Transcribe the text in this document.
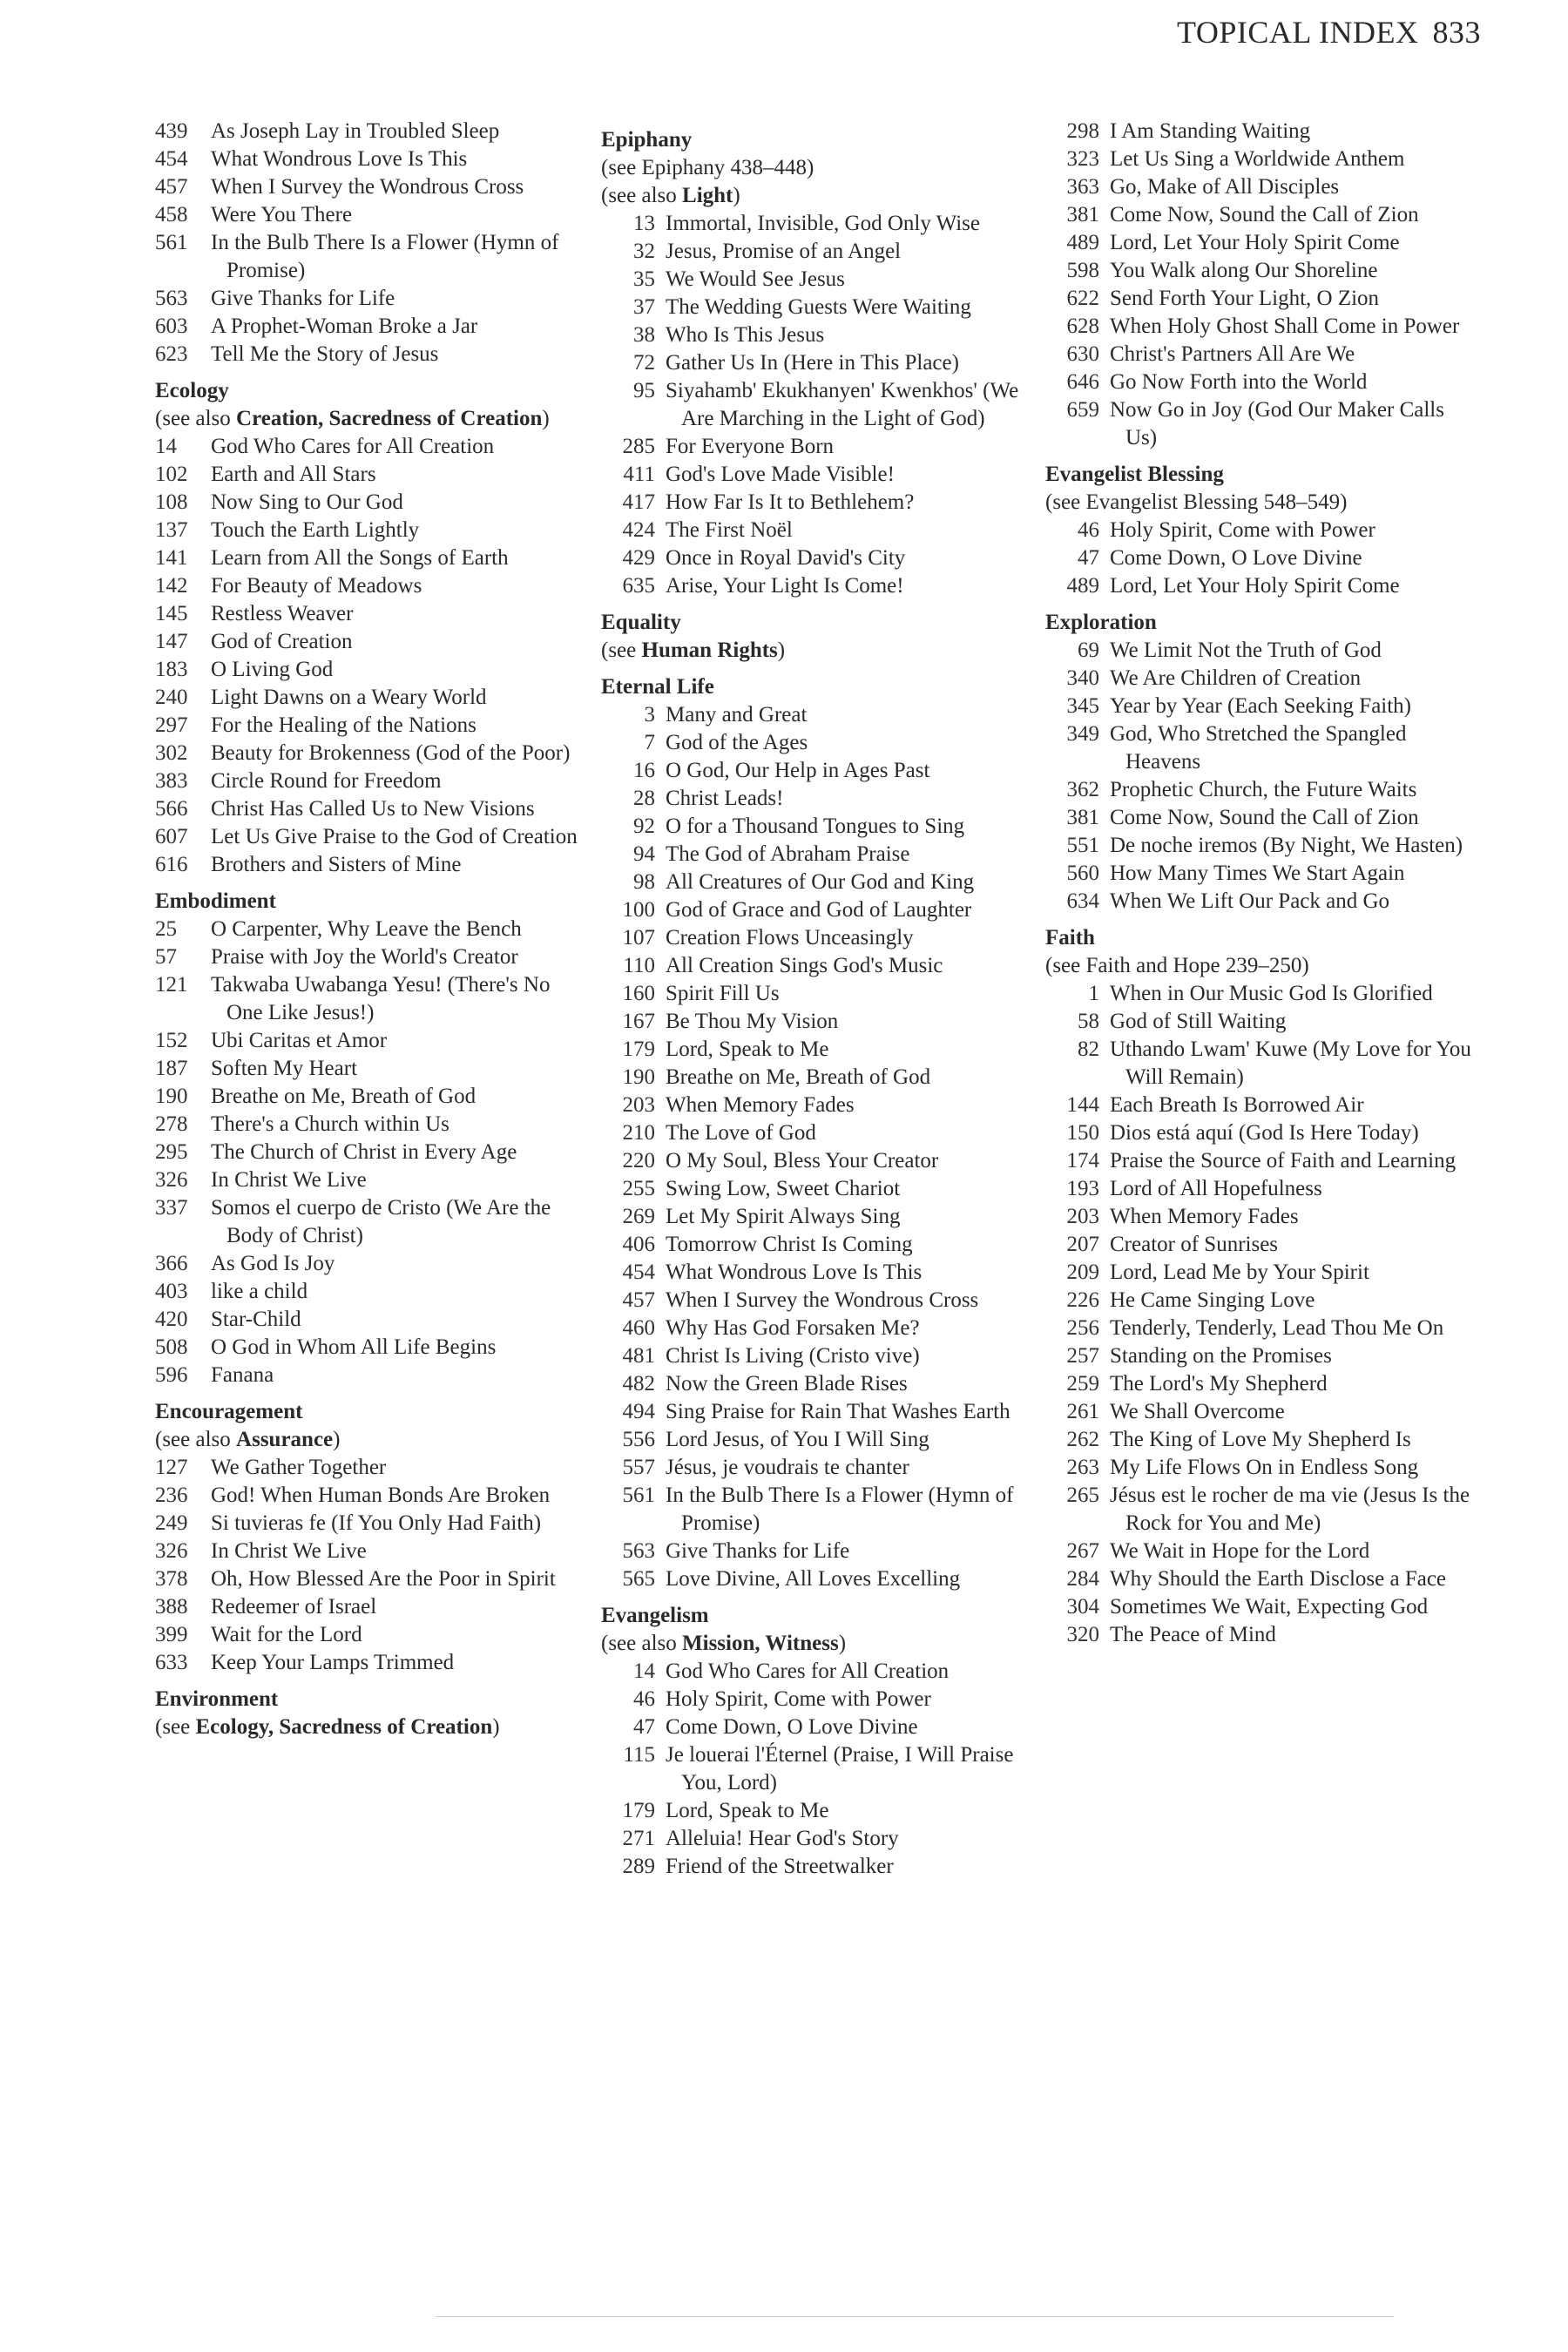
TOPICAL INDEX 833
439	As Joseph Lay in Troubled Sleep
454	What Wondrous Love Is This
457	When I Survey the Wondrous Cross
458	Were You There
561	In the Bulb There Is a Flower (Hymn of Promise)
563	Give Thanks for Life
603	A Prophet-Woman Broke a Jar
623	Tell Me the Story of Jesus
Ecology
(see also Creation, Sacredness of Creation)
14	God Who Cares for All Creation
102	Earth and All Stars
108	Now Sing to Our God
137	Touch the Earth Lightly
141	Learn from All the Songs of Earth
142	For Beauty of Meadows
145	Restless Weaver
147	God of Creation
183	O Living God
240	Light Dawns on a Weary World
297	For the Healing of the Nations
302	Beauty for Brokenness (God of the Poor)
383	Circle Round for Freedom
566	Christ Has Called Us to New Visions
607	Let Us Give Praise to the God of Creation
616	Brothers and Sisters of Mine
Embodiment
25	O Carpenter, Why Leave the Bench
57	Praise with Joy the World's Creator
121	Takwaba Uwabanga Yesu! (There's No One Like Jesus!)
152	Ubi Caritas et Amor
187	Soften My Heart
190	Breathe on Me, Breath of God
278	There's a Church within Us
295	The Church of Christ in Every Age
326	In Christ We Live
337	Somos el cuerpo de Cristo (We Are the Body of Christ)
366	As God Is Joy
403	like a child
420	Star-Child
508	O God in Whom All Life Begins
596	Fanana
Encouragement
(see also Assurance)
127	We Gather Together
236	God! When Human Bonds Are Broken
249	Si tuvieras fe (If You Only Had Faith)
326	In Christ We Live
378	Oh, How Blessed Are the Poor in Spirit
388	Redeemer of Israel
399	Wait for the Lord
633	Keep Your Lamps Trimmed
Environment
(see Ecology, Sacredness of Creation)
Epiphany
(see Epiphany 438–448)
(see also Light)
13 Immortal, Invisible, God Only Wise
32 Jesus, Promise of an Angel
35 We Would See Jesus
37 The Wedding Guests Were Waiting
38 Who Is This Jesus
72 Gather Us In (Here in This Place)
95 Siyahamb' Ekukhanyen' Kwenkhos' (We Are Marching in the Light of God)
285 For Everyone Born
411 God's Love Made Visible!
417 How Far Is It to Bethlehem?
424 The First Noël
429 Once in Royal David's City
635 Arise, Your Light Is Come!
Equality
(see Human Rights)
Eternal Life
3 Many and Great
7 God of the Ages
16 O God, Our Help in Ages Past
28 Christ Leads!
92 O for a Thousand Tongues to Sing
94 The God of Abraham Praise
98 All Creatures of Our God and King
100 God of Grace and God of Laughter
107 Creation Flows Unceasingly
110 All Creation Sings God's Music
160 Spirit Fill Us
167 Be Thou My Vision
179 Lord, Speak to Me
190 Breathe on Me, Breath of God
203 When Memory Fades
210 The Love of God
220 O My Soul, Bless Your Creator
255 Swing Low, Sweet Chariot
269 Let My Spirit Always Sing
406 Tomorrow Christ Is Coming
454 What Wondrous Love Is This
457 When I Survey the Wondrous Cross
460 Why Has God Forsaken Me?
481 Christ Is Living (Cristo vive)
482 Now the Green Blade Rises
494 Sing Praise for Rain That Washes Earth
556 Lord Jesus, of You I Will Sing
557 Jésus, je voudrais te chanter
561 In the Bulb There Is a Flower (Hymn of Promise)
563 Give Thanks for Life
565 Love Divine, All Loves Excelling
Evangelism
(see also Mission, Witness)
14 God Who Cares for All Creation
46 Holy Spirit, Come with Power
47 Come Down, O Love Divine
115 Je louerai l'Éternel (Praise, I Will Praise You, Lord)
179 Lord, Speak to Me
271 Alleluia! Hear God's Story
289 Friend of the Streetwalker
298 I Am Standing Waiting
323 Let Us Sing a Worldwide Anthem
363 Go, Make of All Disciples
381 Come Now, Sound the Call of Zion
489 Lord, Let Your Holy Spirit Come
598 You Walk along Our Shoreline
622 Send Forth Your Light, O Zion
628 When Holy Ghost Shall Come in Power
630 Christ's Partners All Are We
646 Go Now Forth into the World
659 Now Go in Joy (God Our Maker Calls Us)
Evangelist Blessing
(see Evangelist Blessing 548–549)
46 Holy Spirit, Come with Power
47 Come Down, O Love Divine
489 Lord, Let Your Holy Spirit Come
Exploration
69 We Limit Not the Truth of God
340 We Are Children of Creation
345 Year by Year (Each Seeking Faith)
349 God, Who Stretched the Spangled Heavens
362 Prophetic Church, the Future Waits
381 Come Now, Sound the Call of Zion
551 De noche iremos (By Night, We Hasten)
560 How Many Times We Start Again
634 When We Lift Our Pack and Go
Faith
(see Faith and Hope 239–250)
1 When in Our Music God Is Glorified
58 God of Still Waiting
82 Uthando Lwam' Kuwe (My Love for You Will Remain)
144 Each Breath Is Borrowed Air
150 Dios está aquí (God Is Here Today)
174 Praise the Source of Faith and Learning
193 Lord of All Hopefulness
203 When Memory Fades
207 Creator of Sunrises
209 Lord, Lead Me by Your Spirit
226 He Came Singing Love
256 Tenderly, Tenderly, Lead Thou Me On
257 Standing on the Promises
259 The Lord's My Shepherd
261 We Shall Overcome
262 The King of Love My Shepherd Is
263 My Life Flows On in Endless Song
265 Jésus est le rocher de ma vie (Jesus Is the Rock for You and Me)
267 We Wait in Hope for the Lord
284 Why Should the Earth Disclose a Face
304 Sometimes We Wait, Expecting God
320 The Peace of Mind
